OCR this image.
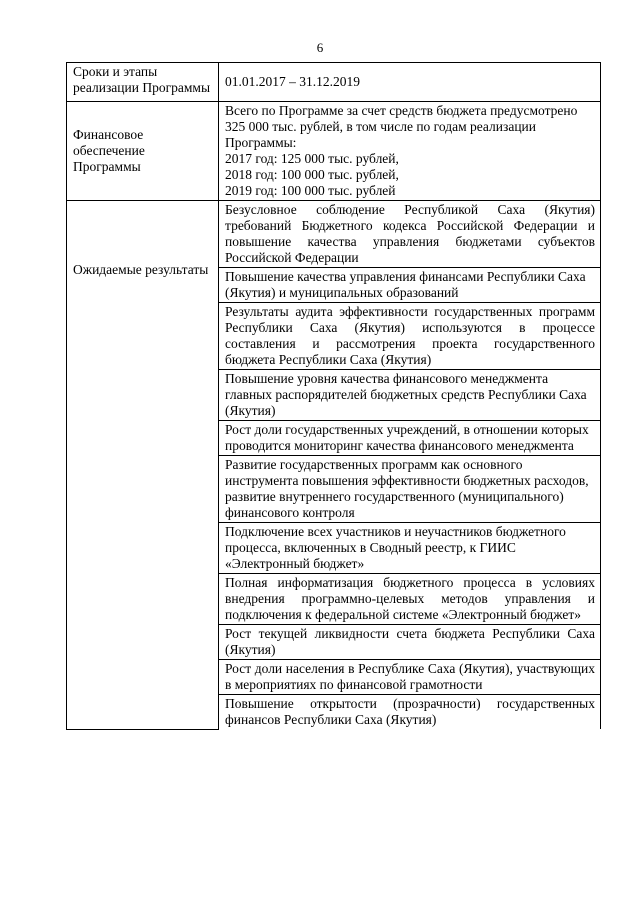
6
Сроки и этапы реализации Программы	01.01.2017 – 31.12.2019

Финансовое обеспечение Программы	Всего по Программе за счет средств бюджета предусмотрено 325 000 тыс. рублей, в том числе по годам реализации Программы:
2017 год: 125 000 тыс. рублей,
2018 год: 100 000 тыс. рублей,
2019 год: 100 000 тыс. рублей

Ожидаемые результаты	Безусловное соблюдение Республикой Саха (Якутия) требований Бюджетного кодекса Российской Федерации и повышение качества управления бюджетами субъектов Российской Федерации
	Повышение качества управления финансами Республики Саха (Якутия) и муниципальных образований
	Результаты аудита эффективности государственных программ Республики Саха (Якутия) используются в процессе составления и рассмотрения проекта государственного бюджета Республики Саха (Якутия)
	Повышение уровня качества финансового менеджмента главных распорядителей бюджетных средств Республики Саха (Якутия)
	Рост доли государственных учреждений, в отношении которых проводится мониторинг качества финансового менеджмента
	Развитие государственных программ как основного инструмента повышения эффективности бюджетных расходов, развитие внутреннего государственного (муниципального) финансового контроля
	Подключение всех участников и неучастников бюджетного процесса, включенных в Сводный реестр, к ГИИС «Электронный бюджет»
	Полная информатизация бюджетного процесса в условиях внедрения программно-целевых методов управления и подключения к федеральной системе «Электронный бюджет»
	Рост текущей ликвидности счета бюджета Республики Саха (Якутия)
	Рост доли населения в Республике Саха (Якутия), участвующих в мероприятиях по финансовой грамотности
	Повышение открытости (прозрачности) государственных финансов Республики Саха (Якутия)
